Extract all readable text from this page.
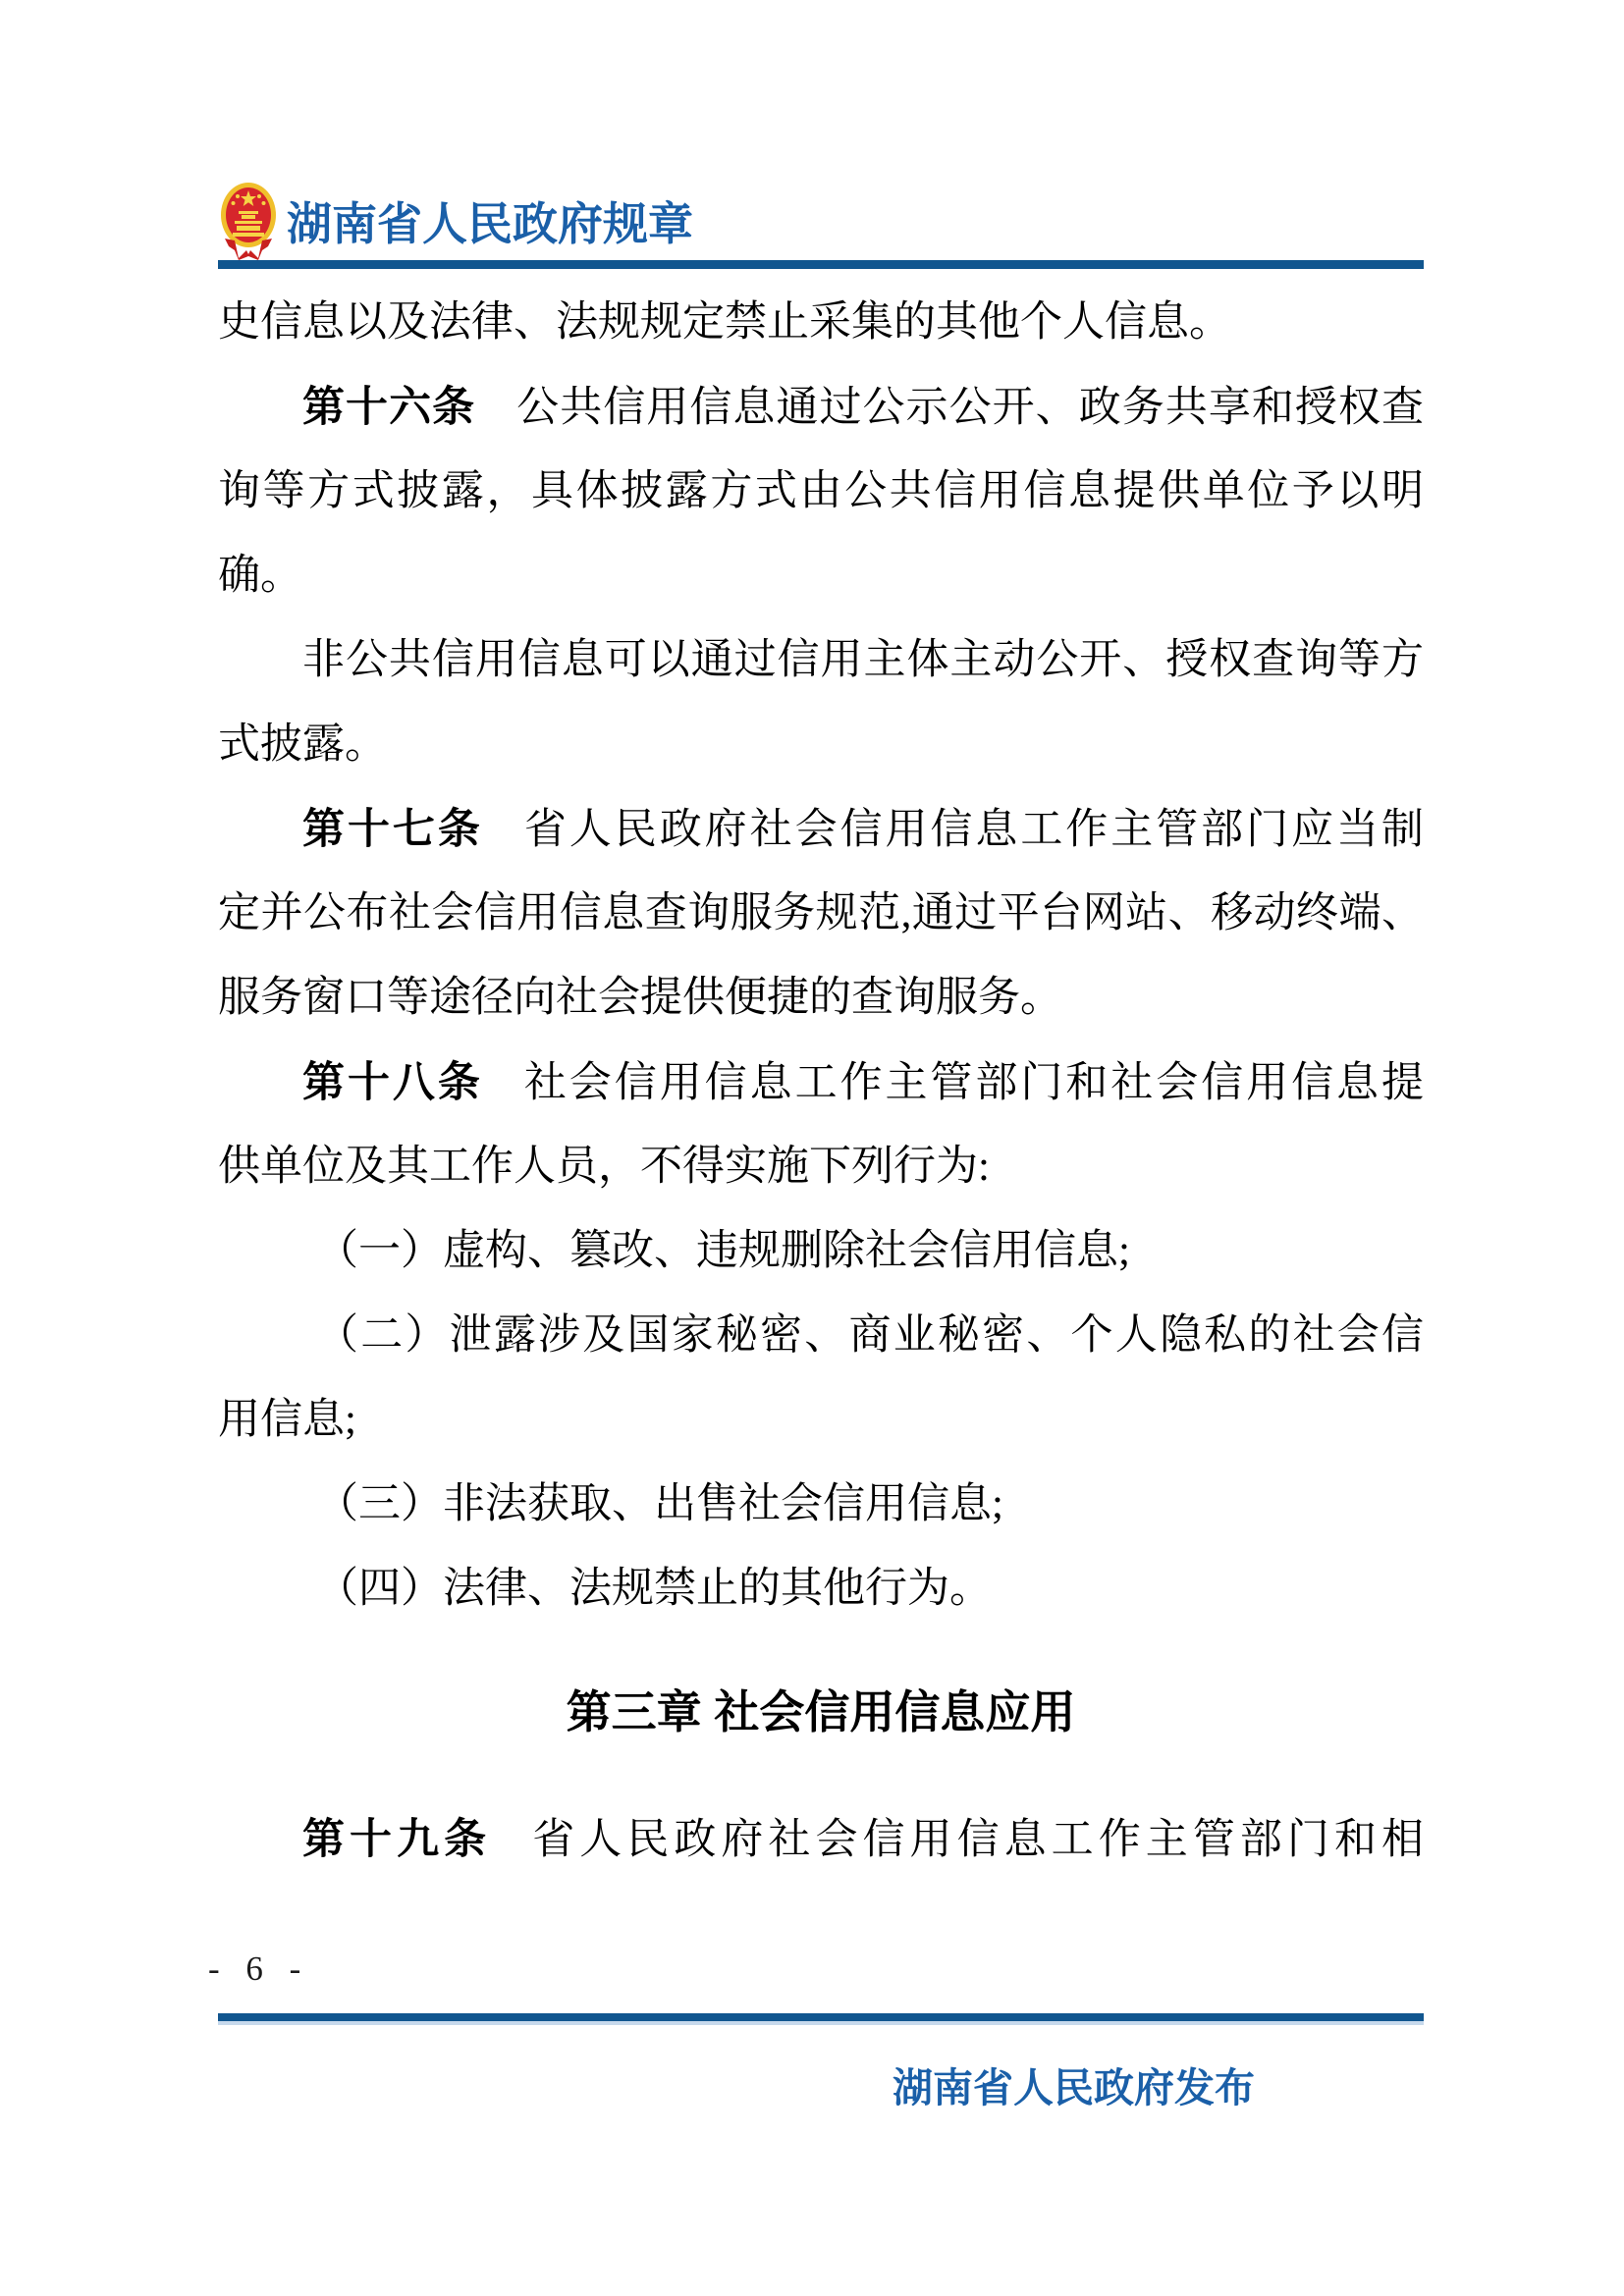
湖南省人民政府规章
史信息以及法律、法规规定禁止采集的其他个人信息。
第十六条 公共信用信息通过公示公开、政务共享和授权查
询等方式披露，具体披露方式由公共信用信息提供单位予以明
确。
非公共信用信息可以通过信用主体主动公开、授权查询等方
式披露。
第十七条 省人民政府社会信用信息工作主管部门应当制
定并公布社会信用信息查询服务规范,通过平台网站、移动终端、
服务窗口等途径向社会提供便捷的查询服务。
第十八条 社会信用信息工作主管部门和社会信用信息提
供单位及其工作人员，不得实施下列行为:
（一）虚构、篡改、违规删除社会信用信息;
（二）泄露涉及国家秘密、商业秘密、个人隐私的社会信
用信息;
（三）非法获取、出售社会信用信息;
（四）法律、法规禁止的其他行为。
第三章 社会信用信息应用
第十九条 省人民政府社会信用信息工作主管部门和相
- 6 -
湖南省人民政府发布
